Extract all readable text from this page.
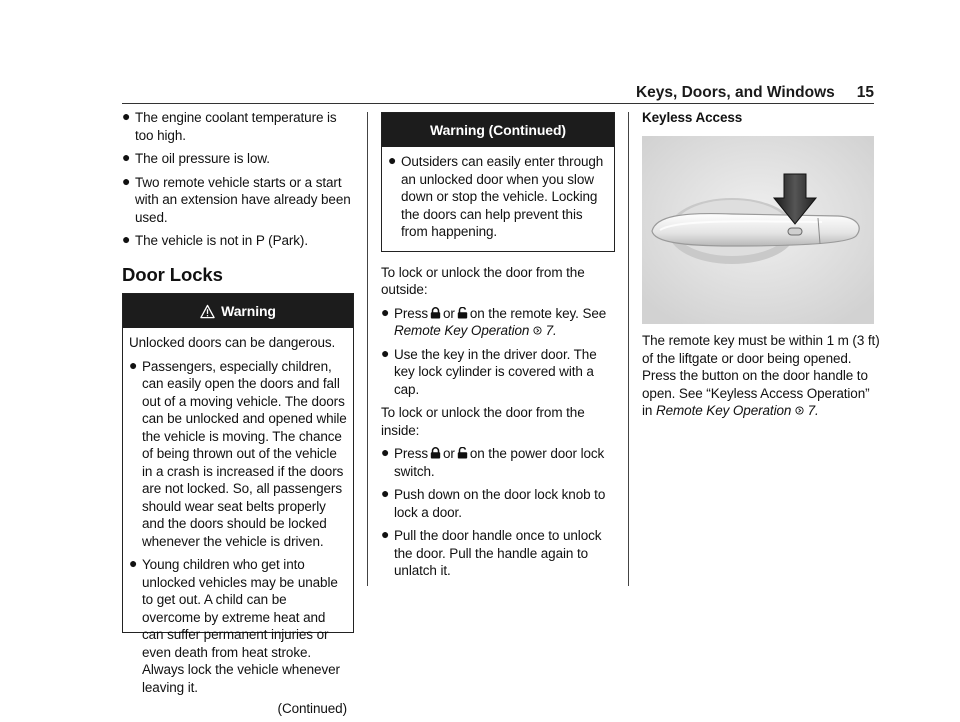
Keys, Doors, and Windows 15
● The engine coolant temperature is too high.
● The oil pressure is low.
● Two remote vehicle starts or a start with an extension have already been used.
● The vehicle is not in P (Park).
Door Locks
Warning
Unlocked doors can be dangerous.
● Passengers, especially children, can easily open the doors and fall out of a moving vehicle. The doors can be unlocked and opened while the vehicle is moving. The chance of being thrown out of the vehicle in a crash is increased if the doors are not locked. So, all passengers should wear seat belts properly and the doors should be locked whenever the vehicle is driven.
● Young children who get into unlocked vehicles may be unable to get out. A child can be overcome by extreme heat and can suffer permanent injuries or even death from heat stroke. Always lock the vehicle whenever leaving it.
(Continued)
Warning (Continued)
● Outsiders can easily enter through an unlocked door when you slow down or stop the vehicle. Locking the doors can help prevent this from happening.
To lock or unlock the door from the outside:
● Press or on the remote key. See Remote Key Operation 7.
● Use the key in the driver door. The key lock cylinder is covered with a cap.
To lock or unlock the door from the inside:
● Press or on the power door lock switch.
● Push down on the door lock knob to lock a door.
● Pull the door handle once to unlock the door. Pull the handle again to unlatch it.
Keyless Access
The remote key must be within 1 m (3 ft) of the liftgate or door being opened. Press the button on the door handle to open. See “Keyless Access Operation” in Remote Key Operation 7.
